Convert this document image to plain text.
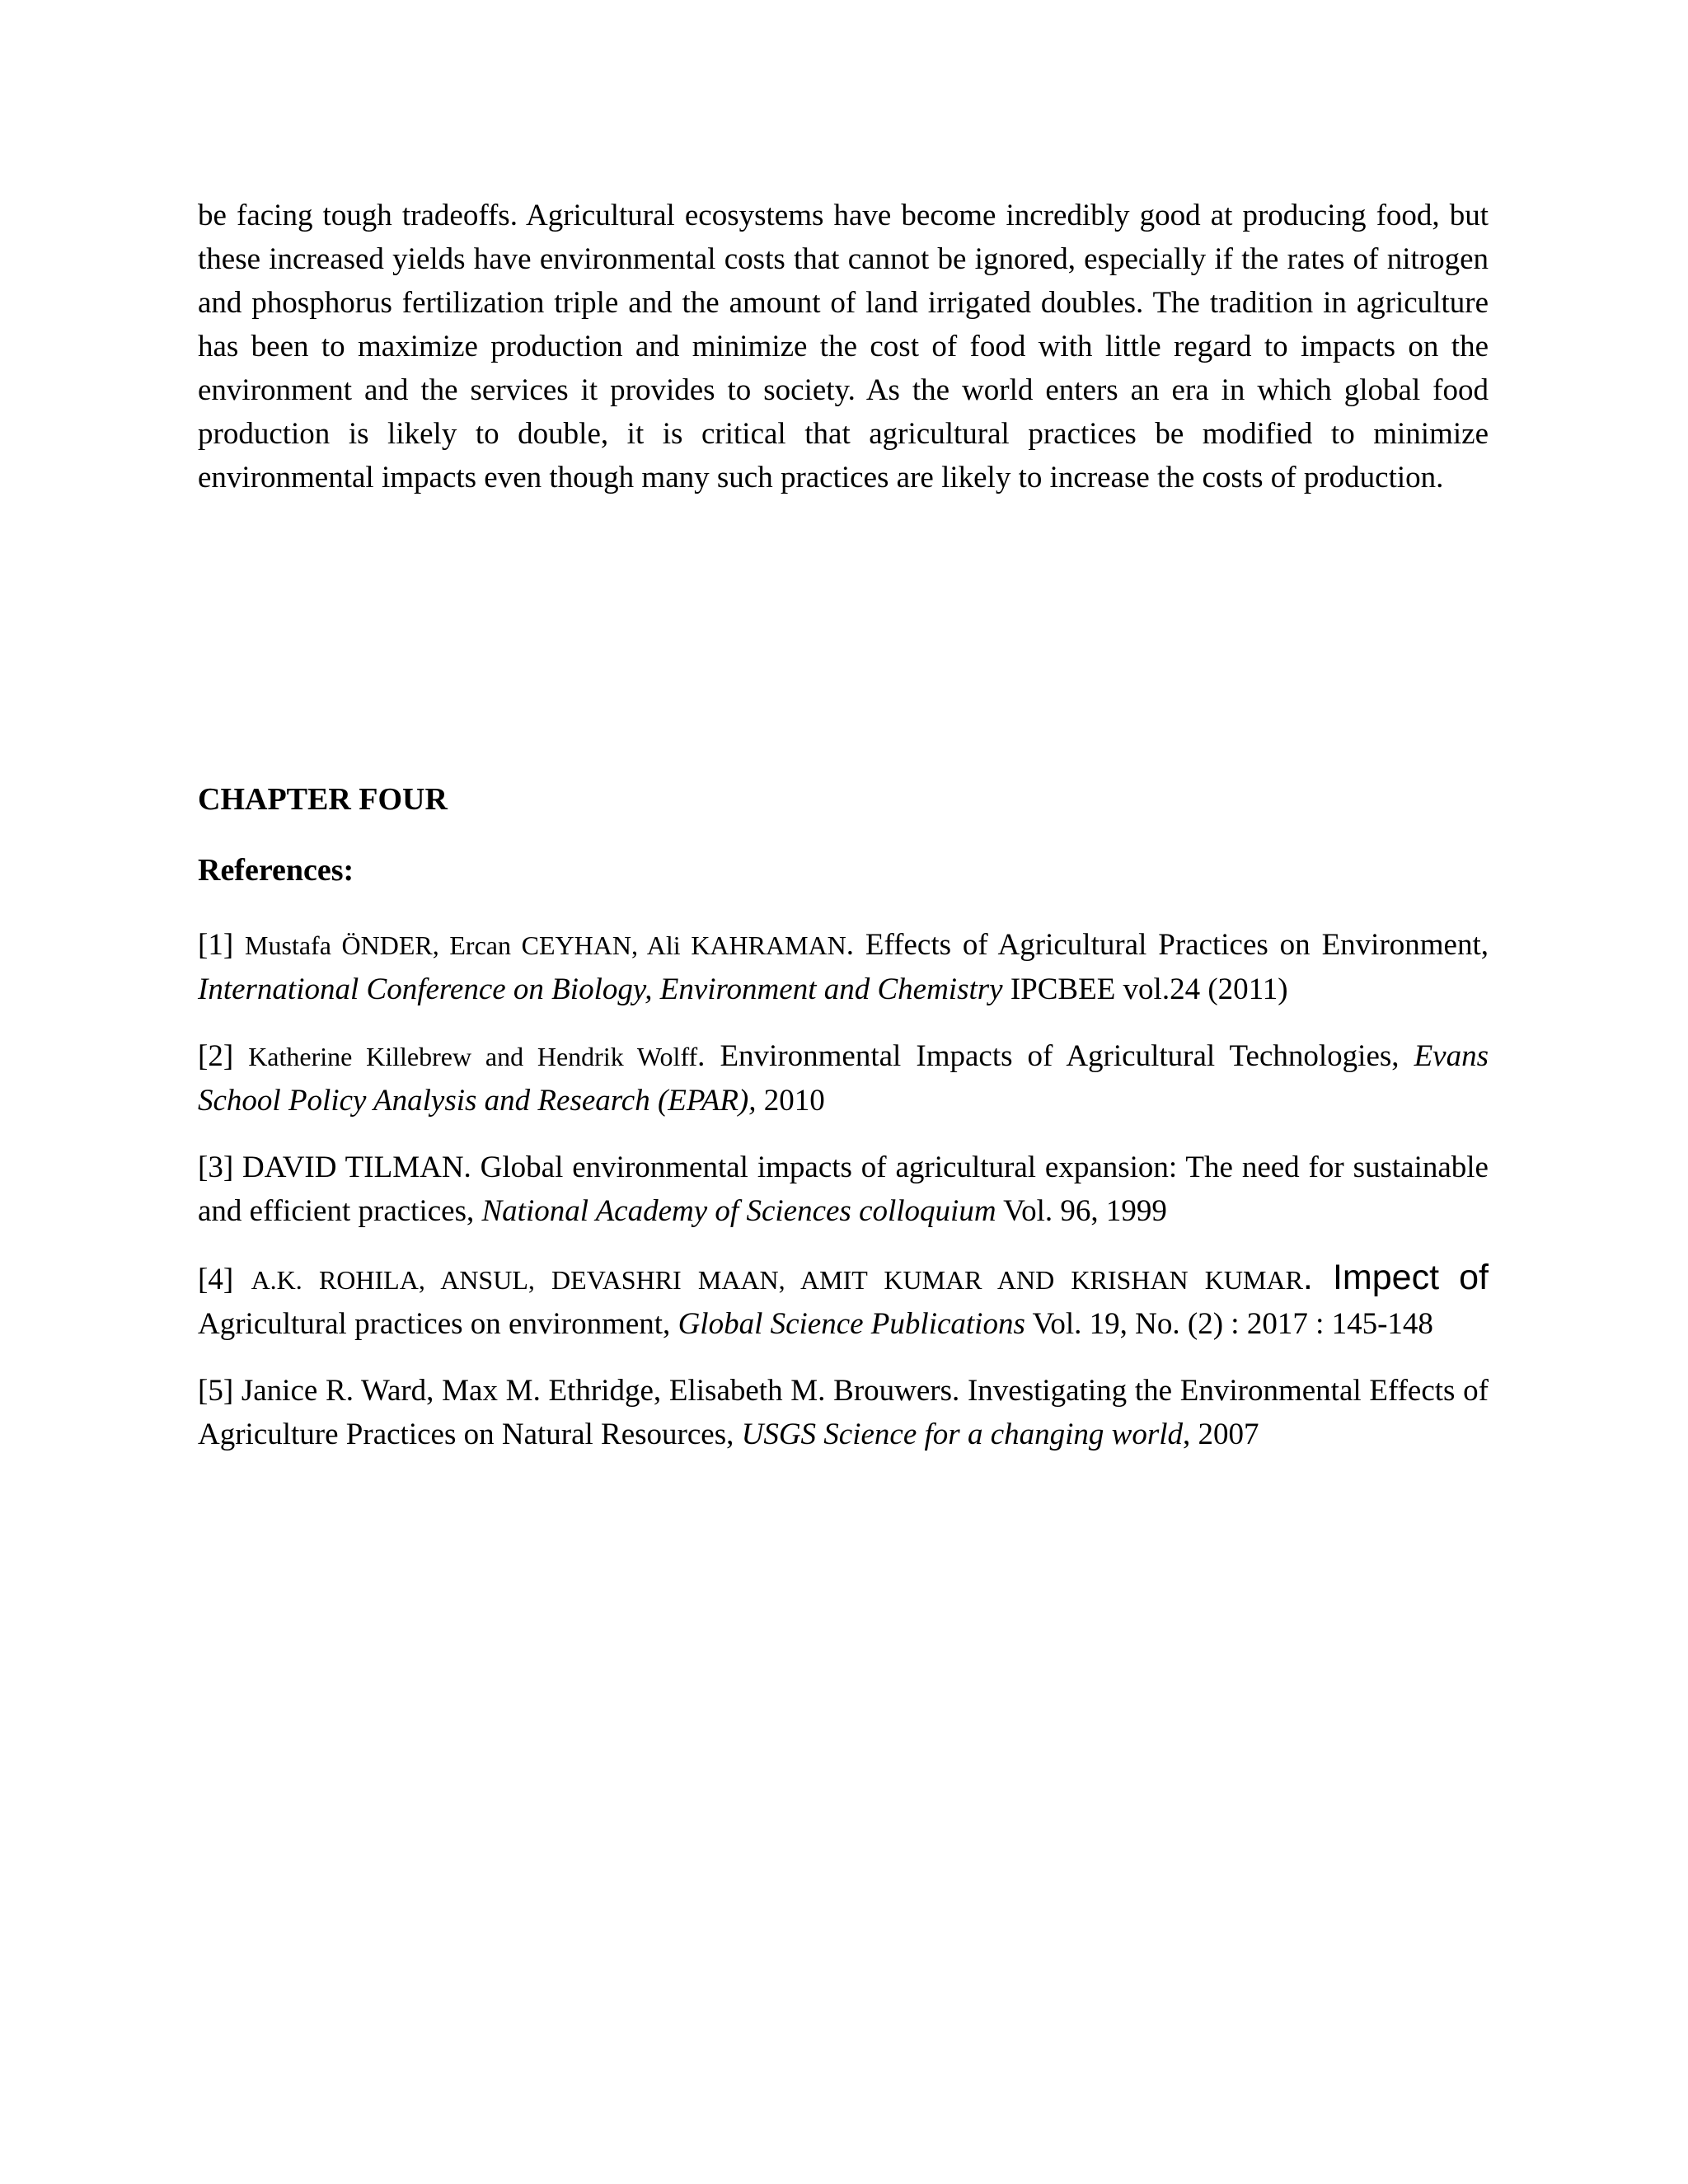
be facing tough tradeoffs. Agricultural ecosystems have become incredibly good at producing food, but these increased yields have environmental costs that cannot be ignored, especially if the rates of nitrogen and phosphorus fertilization triple and the amount of land irrigated doubles. The tradition in agriculture has been to maximize production and minimize the cost of food with little regard to impacts on the environment and the services it provides to society. As the world enters an era in which global food production is likely to double, it is critical that agricultural practices be modified to minimize environmental impacts even though many such practices are likely to increase the costs of production.

CHAPTER FOUR
References:

[1] Mustafa ÖNDER, Ercan CEYHAN, Ali KAHRAMAN. Effects of Agricultural Practices on Environment, International Conference on Biology, Environment and Chemistry IPCBEE vol.24 (2011)

[2] Katherine Killebrew and Hendrik Wolff. Environmental Impacts of Agricultural Technologies, Evans School Policy Analysis and Research (EPAR), 2010

[3] DAVID TILMAN. Global environmental impacts of agricultural expansion: The need for sustainable and efficient practices, National Academy of Sciences colloquium Vol. 96, 1999

[4] A.K. ROHILA, ANSUL, DEVASHRI MAAN, AMIT KUMAR AND KRISHAN KUMAR. Impect of Agricultural practices on environment, Global Science Publications Vol. 19, No. (2) : 2017 : 145-148

[5] Janice R. Ward, Max M. Ethridge, Elisabeth M. Brouwers. Investigating the Environmental Effects of Agriculture Practices on Natural Resources, USGS Science for a changing world, 2007
